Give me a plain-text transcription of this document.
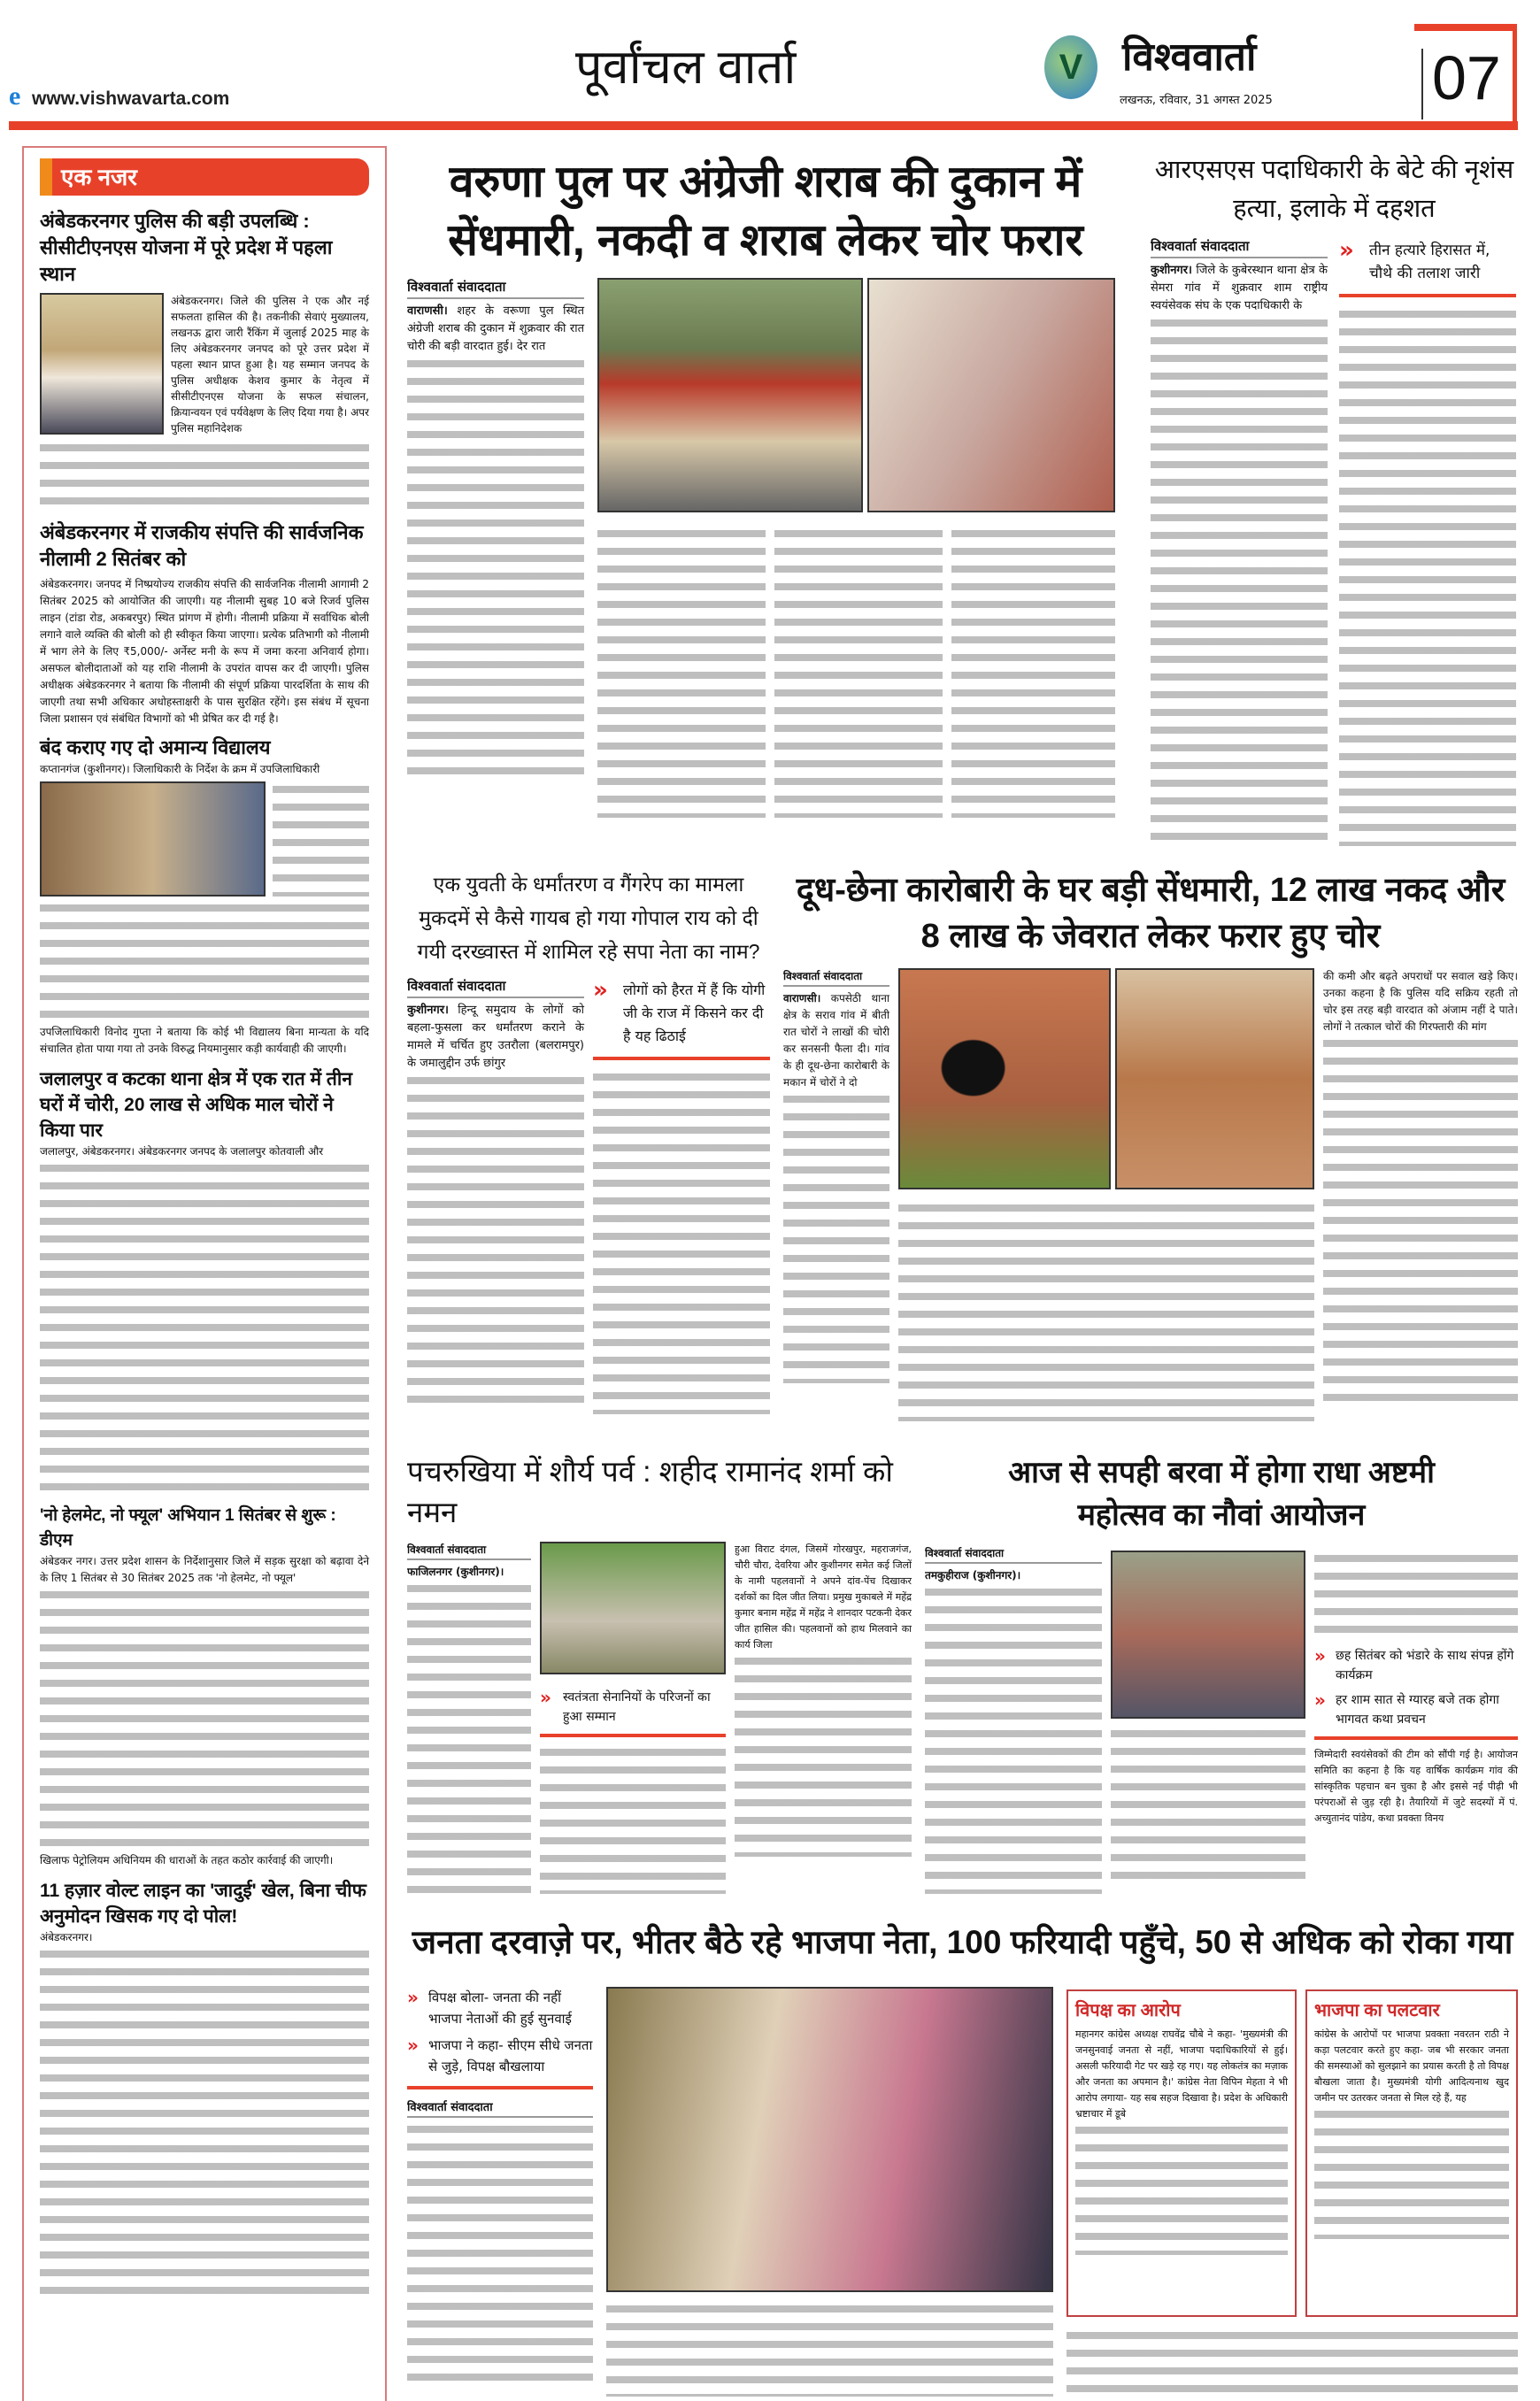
e www.vishwavarta.com
पूर्वांचल वार्ता	V	विश्ववार्ता
लखनऊ, रविवार, 31 अगस्त 2025	07
एक नजर
अंबेडकरनगर पुलिस की बड़ी उपलब्धि : सीसीटीएनएस योजना में पूरे प्रदेश में पहला स्थान
अंबेडकरनगर। जिले की पुलिस ने एक और नई सफलता हासिल की है। तकनीकी सेवाएं मुख्यालय, लखनऊ द्वारा जारी रैंकिंग में जुलाई 2025 माह के लिए अंबेडकरनगर जनपद को पूरे उत्तर प्रदेश में पहला स्थान प्राप्त हुआ है। यह सम्मान जनपद के पुलिस अधीक्षक केशव कुमार के नेतृत्व में सीसीटीएनएस योजना के सफल संचालन, क्रियान्वयन एवं पर्यवेक्षण के लिए दिया गया है। अपर पुलिस महानिदेशक
अंबेडकरनगर में राजकीय संपत्ति की सार्वजनिक नीलामी 2 सितंबर को
अंबेडकरनगर। जनपद में निष्प्रयोज्य राजकीय संपत्ति की सार्वजनिक नीलामी आगामी 2 सितंबर 2025 को आयोजित की जाएगी। यह नीलामी सुबह 10 बजे रिजर्व पुलिस लाइन (टांडा रोड, अकबरपुर) स्थित प्रांगण में होगी। नीलामी प्रक्रिया में सर्वाधिक बोली लगाने वाले व्यक्ति की बोली को ही स्वीकृत किया जाएगा। प्रत्येक प्रतिभागी को नीलामी में भाग लेने के लिए ₹5,000/- अर्नेस्ट मनी के रूप में जमा करना अनिवार्य होगा। असफल बोलीदाताओं को यह राशि नीलामी के उपरांत वापस कर दी जाएगी। पुलिस अधीक्षक अंबेडकरनगर ने बताया कि नीलामी की संपूर्ण प्रक्रिया पारदर्शिता के साथ की जाएगी तथा सभी अधिकार अधोहस्ताक्षरी के पास सुरक्षित रहेंगे। इस संबंध में सूचना जिला प्रशासन एवं संबंधित विभागों को भी प्रेषित कर दी गई है।
बंद कराए गए दो अमान्य विद्यालय
कप्तानगंज (कुशीनगर)। जिलाधिकारी के निर्देश के क्रम में उपजिलाधिकारी
उपजिलाधिकारी विनोद गुप्ता ने बताया कि कोई भी विद्यालय बिना मान्यता के यदि संचालित होता पाया गया तो उनके विरुद्ध नियमानुसार कड़ी कार्यवाही की जाएगी।
जलालपुर व कटका थाना क्षेत्र में एक रात में तीन घरों में चोरी, 20 लाख से अधिक माल चोरों ने किया पार
जलालपुर, अंबेडकरनगर। अंबेडकरनगर जनपद के जलालपुर कोतवाली और
'नो हेलमेट, नो फ्यूल' अभियान 1 सितंबर से शुरू : डीएम
अंबेडकर नगर। उत्तर प्रदेश शासन के निर्देशानुसार जिले में सड़क सुरक्षा को बढ़ावा देने के लिए 1 सितंबर से 30 सितंबर 2025 तक 'नो हेलमेट, नो फ्यूल'
खिलाफ पेट्रोलियम अधिनियम की धाराओं के तहत कठोर कार्रवाई की जाएगी।
11 हज़ार वोल्ट लाइन का 'जादुई' खेल, बिना चीफ अनुमोदन खिसक गए दो पोल!
अंबेडकरनगर।
वरुणा पुल पर अंग्रेजी शराब की दुकान में सेंधमारी, नकदी व शराब लेकर चोर फरार
विश्ववार्ता संवाददाता
वाराणसी। शहर के वरूणा पुल स्थित अंग्रेजी शराब की दुकान में शुक्रवार की रात चोरी की बड़ी वारदात हुई। देर रात
आरएसएस पदाधिकारी के बेटे की नृशंस हत्या, इलाके में दहशत
विश्ववार्ता संवाददाता
कुशीनगर। जिले के कुबेरस्थान थाना क्षेत्र के सेमरा गांव में शुक्रवार शाम राष्ट्रीय स्वयंसेवक संघ के एक पदाधिकारी के
» तीन हत्यारे हिरासत में, चौथे की तलाश जारी
एक युवती के धर्मांतरण व गैंगरेप का मामला मुकदमें से कैसे गायब हो गया गोपाल राय को दी गयी दरख्वास्त में शामिल रहे सपा नेता का नाम?
विश्ववार्ता संवाददाता
कुशीनगर। हिन्दू समुदाय के लोगों को बहला-फुसला कर धर्मांतरण कराने के मामले में चर्चित हुए उतरौला (बलरामपुर) के जमालुद्दीन उर्फ छांगुर
» लोगों को हैरत में हैं कि योगी जी के राज में किसने कर दी है यह ढिठाई
दूध-छेना कारोबारी के घर बड़ी सेंधमारी, 12 लाख नकद और 8 लाख के जेवरात लेकर फरार हुए चोर
विश्ववार्ता संवाददाता
वाराणसी। कपसेठी थाना क्षेत्र के सराव गांव में बीती रात चोरों ने लाखों की चोरी कर सनसनी फैला दी। गांव के ही दूध-छेना कारोबारी के मकान में चोरों ने दो
की कमी और बढ़ते अपराधों पर सवाल खड़े किए। उनका कहना है कि पुलिस यदि सक्रिय रहती तो चोर इस तरह बड़ी वारदात को अंजाम नहीं दे पाते। लोगों ने तत्काल चोरों की गिरफ्तारी की मांग
पचरुखिया में शौर्य पर्व : शहीद रामानंद शर्मा को नमन
विश्ववार्ता संवाददाता
फाजिलनगर (कुशीनगर)।
» स्वतंत्रता सेनानियों के परिजनों का हुआ सम्मान
हुआ विराट दंगल, जिसमें गोरखपुर, महराजगंज, चौरी चौरा, देवरिया और कुशीनगर समेत कई जिलों के नामी पहलवानों ने अपने दांव-पेंच दिखाकर दर्शकों का दिल जीत लिया। प्रमुख मुकाबले में महेंद्र कुमार बनाम महेंद्र में महेंद्र ने शानदार पटकनी देकर जीत हासिल की। पहलवानों को हाथ मिलवाने का कार्य जिला
आज से सपही बरवा में होगा राधा अष्टमी महोत्सव का नौवां आयोजन
विश्ववार्ता संवाददाता
तमकुहीराज (कुशीनगर)।
» छह सितंबर को भंडारे के साथ संपन्न होंगे कार्यक्रम
» हर शाम सात से ग्यारह बजे तक होगा भागवत कथा प्रवचन
जिम्मेदारी स्वयंसेवकों की टीम को सौंपी गई है। आयोजन समिति का कहना है कि यह वार्षिक कार्यक्रम गांव की सांस्कृतिक पहचान बन चुका है और इससे नई पीढ़ी भी परंपराओं से जुड़ रही है। तैयारियों में जुटे सदस्यों में पं. अच्युतानंद पांडेय, कथा प्रवक्ता विनय
जनता दरवाज़े पर, भीतर बैठे रहे भाजपा नेता, 100 फरियादी पहुँचे, 50 से अधिक को रोका गया
» विपक्ष बोला- जनता की नहीं भाजपा नेताओं की हुई सुनवाई
» भाजपा ने कहा- सीएम सीधे जनता से जुड़े, विपक्ष बौखलाया
विश्ववार्ता संवाददाता
विपक्ष का आरोप
महानगर कांग्रेस अध्यक्ष राघवेंद्र चौबे ने कहा- 'मुख्यमंत्री की जनसुनवाई जनता से नहीं, भाजपा पदाधिकारियों से हुई। असली फरियादी गेट पर खड़े रह गए। यह लोकतंत्र का मज़ाक और जनता का अपमान है।' कांग्रेस नेता विपिन मेहता ने भी आरोप लगाया- यह सब सहज दिखावा है। प्रदेश के अधिकारी भ्रष्टाचार में डूबे
भाजपा का पलटवार
कांग्रेस के आरोपों पर भाजपा प्रवक्ता नवरतन राठी ने कड़ा पलटवार करते हुए कहा- जब भी सरकार जनता की समस्याओं को सुलझाने का प्रयास करती है तो विपक्ष बौखला जाता है। मुख्यमंत्री योगी आदित्यनाथ खुद जमीन पर उतरकर जनता से मिल रहे हैं, यह
